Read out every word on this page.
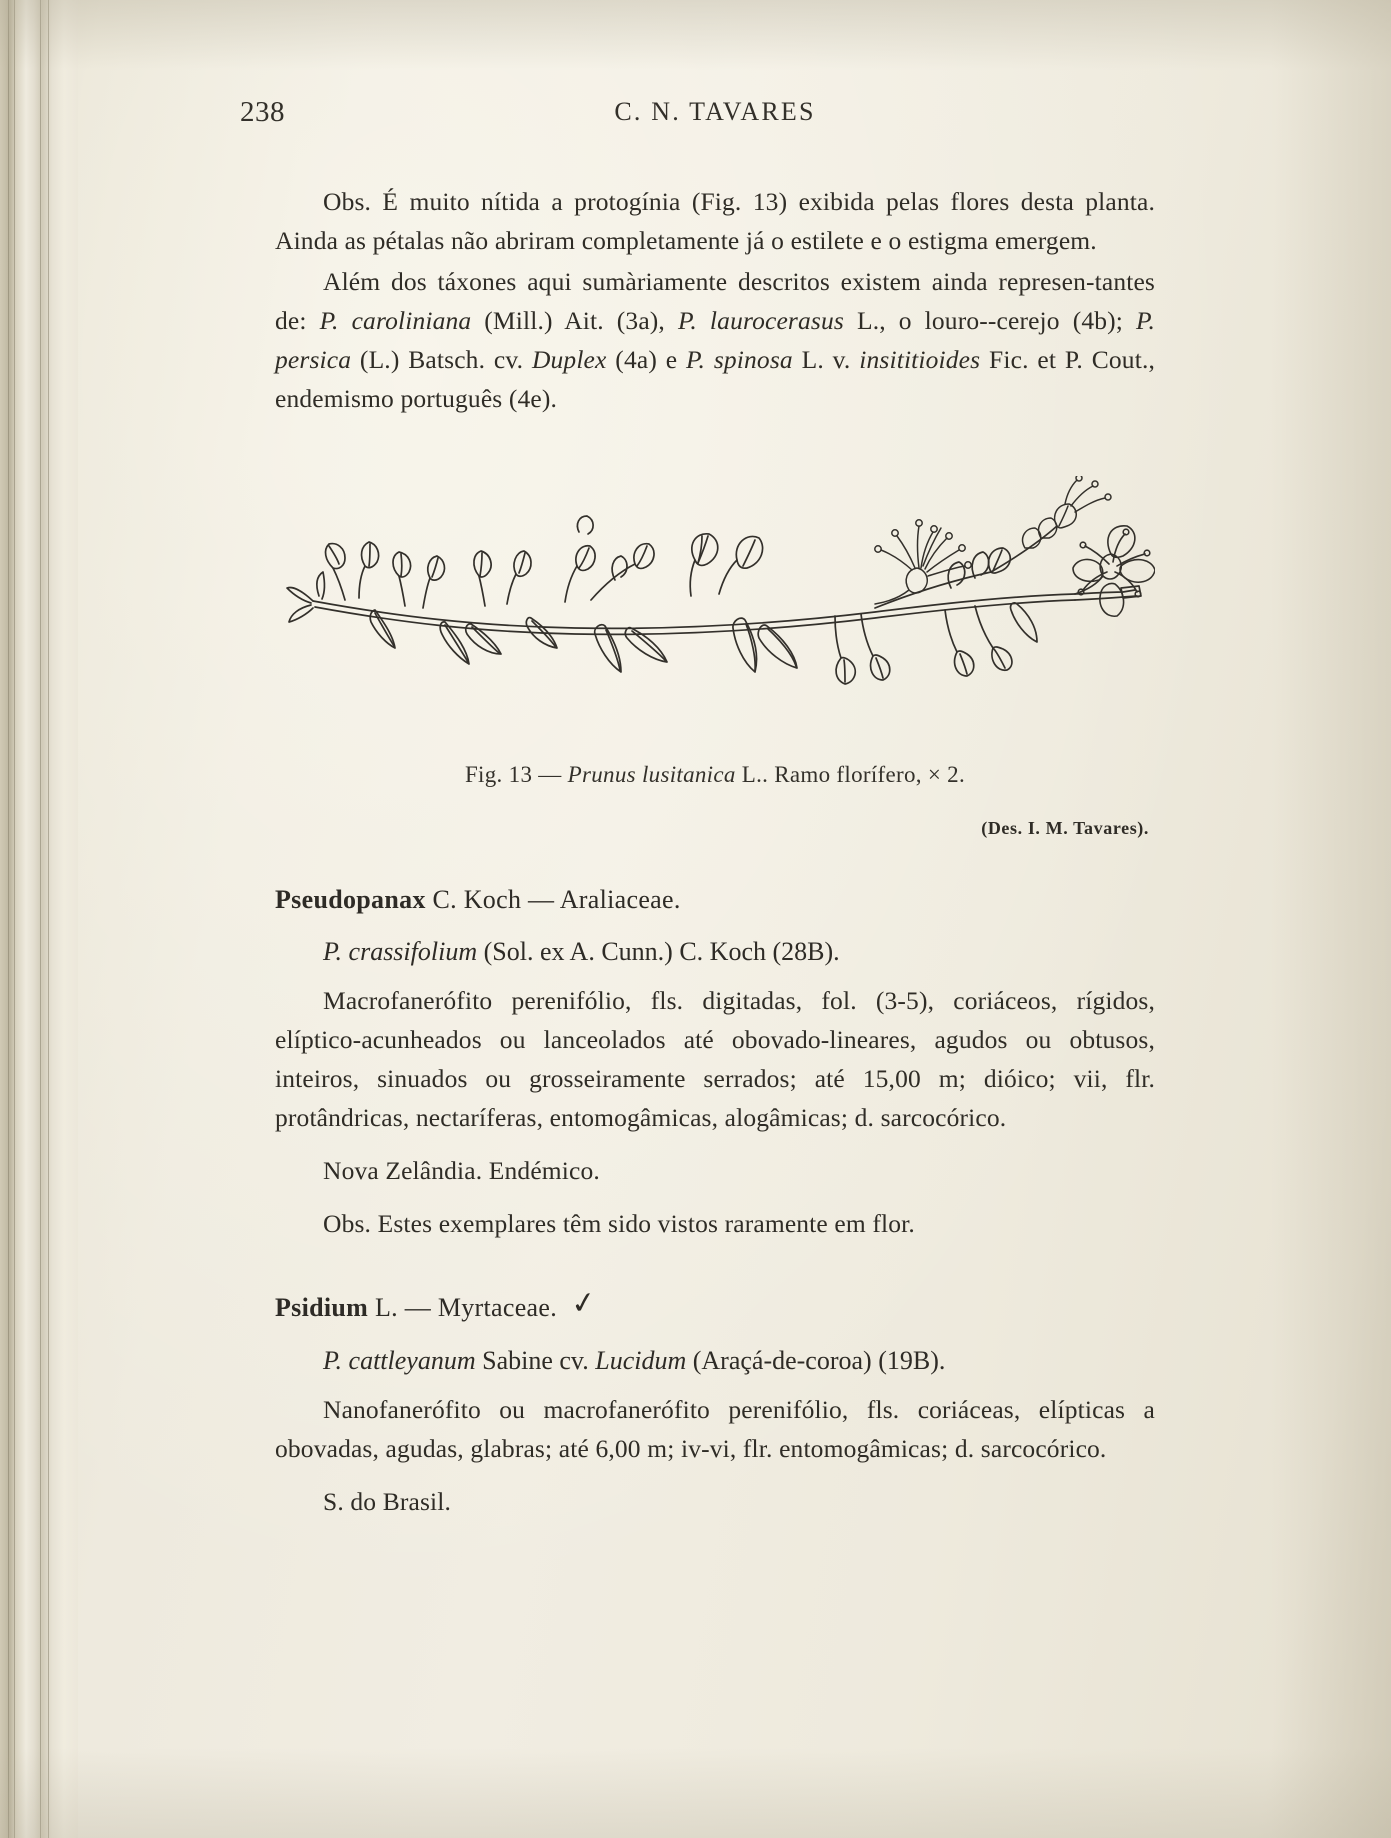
238	C. N. TAVARES

Obs. É muito nítida a protogínia (Fig. 13) exibida pelas flores desta planta. Ainda as pétalas não abriram completamente já o estilete e o estigma emergem.

Além dos táxones aqui sumàriamente descritos existem ainda represen-tantes de: P. caroliniana (Mill.) Ait. (3a), P. laurocerasus L., o louro--cerejo (4b); P. persica (L.) Batsch. cv. Duplex (4a) e P. spinosa L. v. insititioides Fic. et P. Cout., endemismo português (4e).

Fig. 13 — Prunus lusitanica L.. Ramo florífero, × 2.
(Des. I. M. Tavares).
Pseudopanax C. Koch — Araliaceae.
P. crassifolium (Sol. ex A. Cunn.) C. Koch (28B).

Macrofanerófito perenifólio, fls. digitadas, fol. (3-5), coriáceos, rígidos, elíptico-acunheados ou lanceolados até obovado-lineares, agudos ou obtusos, inteiros, sinuados ou grosseiramente serrados; até 15,00 m; dióico; vii, flr. protândricas, nectaríferas, entomogâmicas, alogâmicas; d. sarcocórico.

Nova Zelândia. Endémico.

Obs. Estes exemplares têm sido vistos raramente em flor.

Psidium L. — Myrtaceae. ✓
P. cattleyanum Sabine cv. Lucidum (Araçá-de-coroa) (19B).

Nanofanerófito ou macrofanerófito perenifólio, fls. coriáceas, elípticas a obovadas, agudas, glabras; até 6,00 m; iv-vi, flr. entomogâmicas; d. sarcocórico.

S. do Brasil.
